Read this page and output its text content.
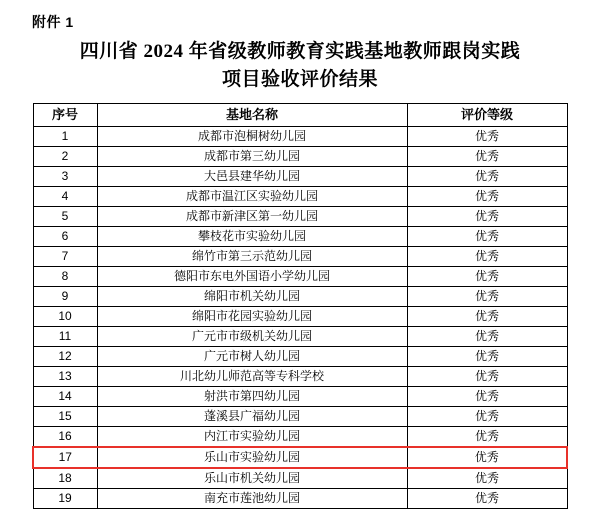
附件 1
四川省 2024 年省级教师教育实践基地教师跟岗实践
项目验收评价结果
序号	基地名称	评价等级
1	成都市泡桐树幼儿园	优秀
2	成都市第三幼儿园	优秀
3	大邑县建华幼儿园	优秀
4	成都市温江区实验幼儿园	优秀
5	成都市新津区第一幼儿园	优秀
6	攀枝花市实验幼儿园	优秀
7	绵竹市第三示范幼儿园	优秀
8	德阳市东电外国语小学幼儿园	优秀
9	绵阳市机关幼儿园	优秀
10	绵阳市花园实验幼儿园	优秀
11	广元市市级机关幼儿园	优秀
12	广元市树人幼儿园	优秀
13	川北幼儿师范高等专科学校	优秀
14	射洪市第四幼儿园	优秀
15	蓬溪县广福幼儿园	优秀
16	内江市实验幼儿园	优秀
17	乐山市实验幼儿园	优秀
18	乐山市机关幼儿园	优秀
19	南充市莲池幼儿园	优秀
